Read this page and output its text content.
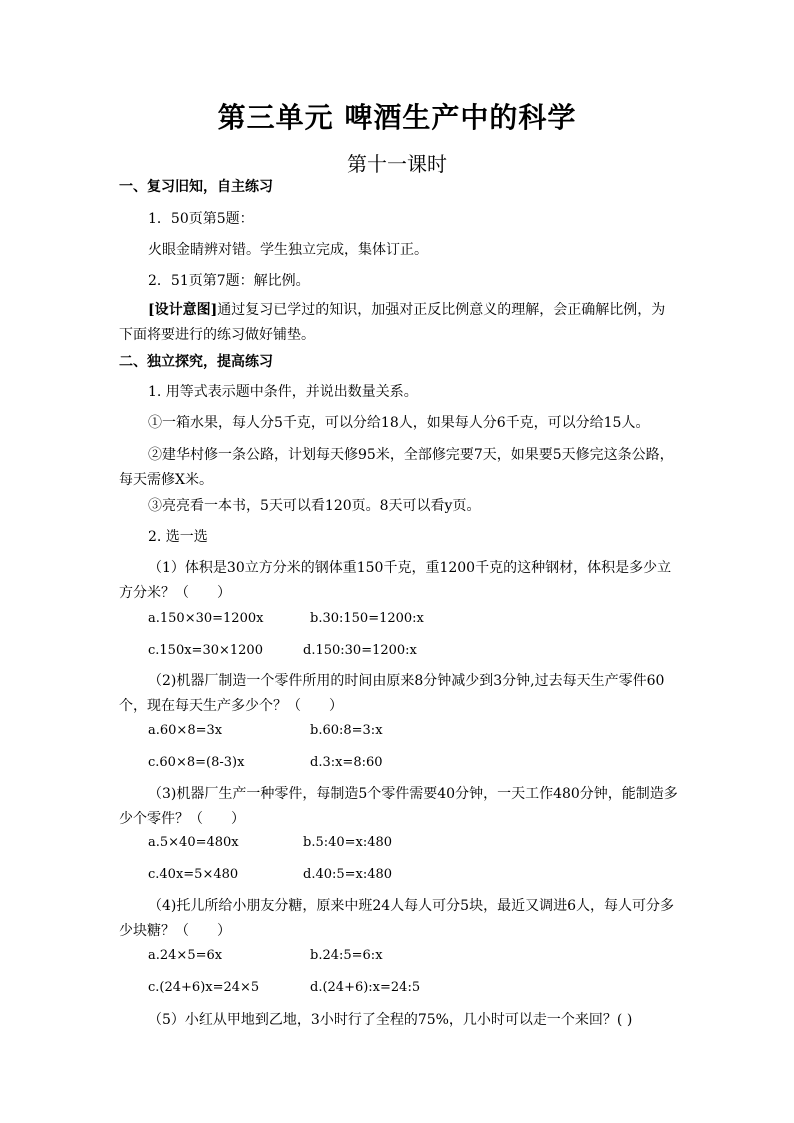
第三单元 啤酒生产中的科学
第十一课时
一、复习旧知，自主练习
1．50页第5题：
火眼金睛辨对错。学生独立完成，集体订正。
2．51页第7题：解比例。
[设计意图]通过复习已学过的知识，加强对正反比例意义的理解，会正确解比例，为下面将要进行的练习做好铺垫。
二、独立探究，提高练习
1. 用等式表示题中条件，并说出数量关系。
①一箱水果，每人分5千克，可以分给18人，如果每人分6千克，可以分给15人。
②建华村修一条公路，计划每天修95米，全部修完要7天，如果要5天修完这条公路，每天需修X米。
③亮亮看一本书，5天可以看120页。8天可以看y页。
2. 选一选
（1）体积是30立方分米的钢体重150千克，重1200千克的这种钢材，体积是多少立方分米？（　　）
a.150×30=1200x	b.30:150=1200:x
c.150x=30×1200	d.150:30=1200:x
（2)机器厂制造一个零件所用的时间由原来8分钟减少到3分钟,过去每天生产零件60个，现在每天生产多少个？（　　）
a.60×8=3x	b.60:8=3:x
c.60×8=(8-3)x	d.3:x=8:60
（3)机器厂生产一种零件，每制造5个零件需要40分钟，一天工作480分钟，能制造多少个零件？（　　）
a.5×40=480x	b.5:40=x:480
c.40x=5×480	d.40:5=x:480
（4)托儿所给小朋友分糖，原来中班24人每人可分5块，最近又调进6人，每人可分多少块糖？（　　）
a.24×5=6x	b.24:5=6:x
c.(24+6)x=24×5	d.(24+6):x=24:5
（5）小红从甲地到乙地，3小时行了全程的75%，几小时可以走一个来回？( )
